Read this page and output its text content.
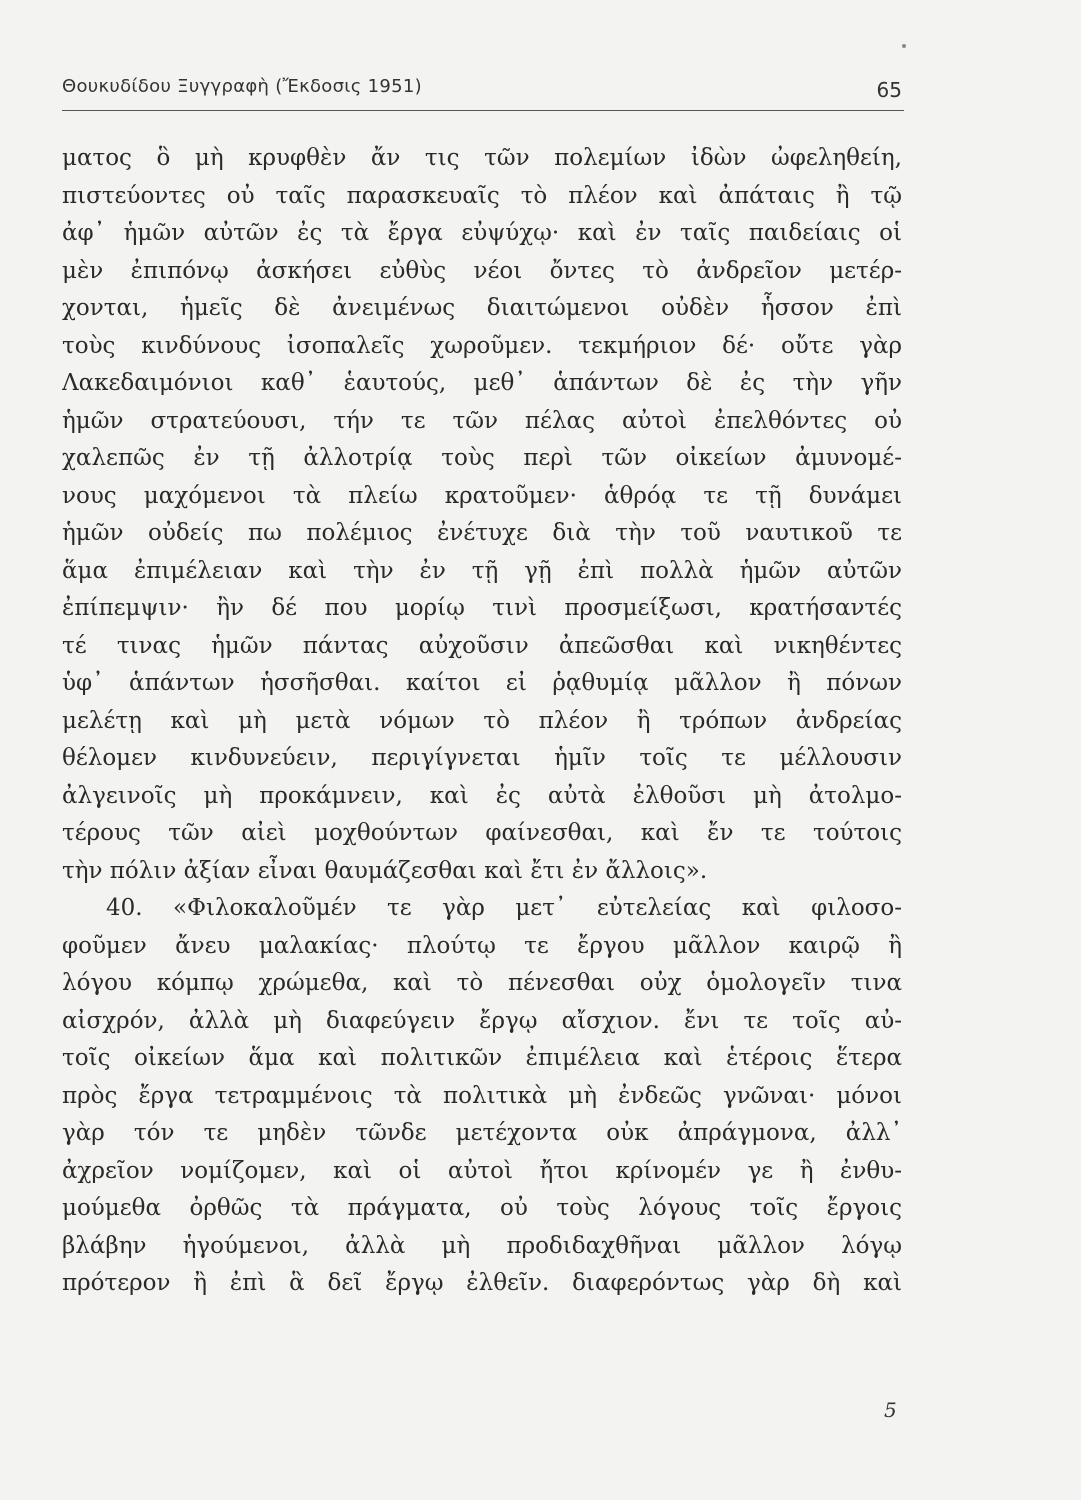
Θουκυδίδου Ξυγγραφὴ (Ἔκδοσις 1951)	65
ματος ὃ μὴ κρυφθὲν ἄν τις τῶν πολεμίων ἰδὼν ὠφεληθείη,
πιστεύοντες οὐ ταῖς παρασκευαῖς τὸ πλέον καὶ ἀπάταις ἢ τῷ
ἀφ᾽ ἡμῶν αὐτῶν ἐς τὰ ἔργα εὐψύχῳ· καὶ ἐν ταῖς παιδείαις οἱ
μὲν ἐπιπόνῳ ἀσκήσει εὐθὺς νέοι ὄντες τὸ ἀνδρεῖον μετέρ-
χονται, ἡμεῖς δὲ ἀνειμένως διαιτώμενοι οὐδὲν ἧσσον ἐπὶ
τοὺς κινδύνους ἰσοπαλεῖς χωροῦμεν. τεκμήριον δέ· οὔτε γὰρ
Λακεδαιμόνιοι καθ᾽ ἑαυτούς, μεθ᾽ ἁπάντων δὲ ἐς τὴν γῆν
ἡμῶν στρατεύουσι, τήν τε τῶν πέλας αὐτοὶ ἐπελθόντες οὐ
χαλεπῶς ἐν τῇ ἀλλοτρίᾳ τοὺς περὶ τῶν οἰκείων ἀμυνομέ-
νους μαχόμενοι τὰ πλείω κρατοῦμεν· ἁθρόᾳ τε τῇ δυνάμει
ἡμῶν οὐδείς πω πολέμιος ἐνέτυχε διὰ τὴν τοῦ ναυτικοῦ τε
ἅμα ἐπιμέλειαν καὶ τὴν ἐν τῇ γῇ ἐπὶ πολλὰ ἡμῶν αὐτῶν
ἐπίπεμψιν· ἢν δέ που μορίῳ τινὶ προσμείξωσι, κρατήσαντές
τέ τινας ἡμῶν πάντας αὐχοῦσιν ἀπεῶσθαι καὶ νικηθέντες
ὑφ᾽ ἁπάντων ἡσσῆσθαι. καίτοι εἰ ῥᾳθυμίᾳ μᾶλλον ἢ πόνων
μελέτῃ καὶ μὴ μετὰ νόμων τὸ πλέον ἢ τρόπων ἀνδρείας
θέλομεν κινδυνεύειν, περιγίγνεται ἡμῖν τοῖς τε μέλλουσιν
ἀλγεινοῖς μὴ προκάμνειν, καὶ ἐς αὐτὰ ἐλθοῦσι μὴ ἀτολμο-
τέρους τῶν αἰεὶ μοχθούντων φαίνεσθαι, καὶ ἔν τε τούτοις
τὴν πόλιν ἀξίαν εἶναι θαυμάζεσθαι καὶ ἔτι ἐν ἄλλοις».
40. «Φιλοκαλοῦμέν τε γὰρ μετ᾽ εὐτελείας καὶ φιλοσο-
φοῦμεν ἄνευ μαλακίας· πλούτῳ τε ἔργου μᾶλλον καιρῷ ἢ
λόγου κόμπῳ χρώμεθα, καὶ τὸ πένεσθαι οὐχ ὁμολογεῖν τινα
αἰσχρόν, ἀλλὰ μὴ διαφεύγειν ἔργῳ αἴσχιον. ἔνι τε τοῖς αὐ-
τοῖς οἰκείων ἅμα καὶ πολιτικῶν ἐπιμέλεια καὶ ἑτέροις ἕτερα
πρὸς ἔργα τετραμμένοις τὰ πολιτικὰ μὴ ἐνδεῶς γνῶναι· μόνοι
γὰρ τόν τε μηδὲν τῶνδε μετέχοντα οὐκ ἀπράγμονα, ἀλλ᾽
ἀχρεῖον νομίζομεν, καὶ οἱ αὐτοὶ ἤτοι κρίνομέν γε ἢ ἐνθυ-
μούμεθα ὀρθῶς τὰ πράγματα, οὐ τοὺς λόγους τοῖς ἔργοις
βλάβην ἡγούμενοι, ἀλλὰ μὴ προδιδαχθῆναι μᾶλλον λόγῳ
πρότερον ἢ ἐπὶ ἃ δεῖ ἔργῳ ἐλθεῖν. διαφερόντως γὰρ δὴ καὶ
5
